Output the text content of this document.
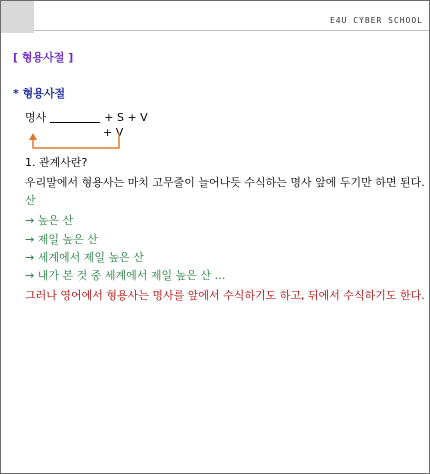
E4U CYBER SCHOOL
[ 형용사절 ]
* 형용사절
명사	+ S + V
+ V
1. 관계사란?
우리말에서 형용사는 마치 고무줄이 늘어나듯 수식하는 명사 앞에 두기만 하면 된다.
산
→ 높은 산
→ 제일 높은 산
→ 세계에서 제일 높은 산
→ 내가 본 것 중 세계에서 제일 높은 산 …
그러나 영어에서 형용사는 명사를 앞에서 수식하기도 하고, 뒤에서 수식하기도 한다.
